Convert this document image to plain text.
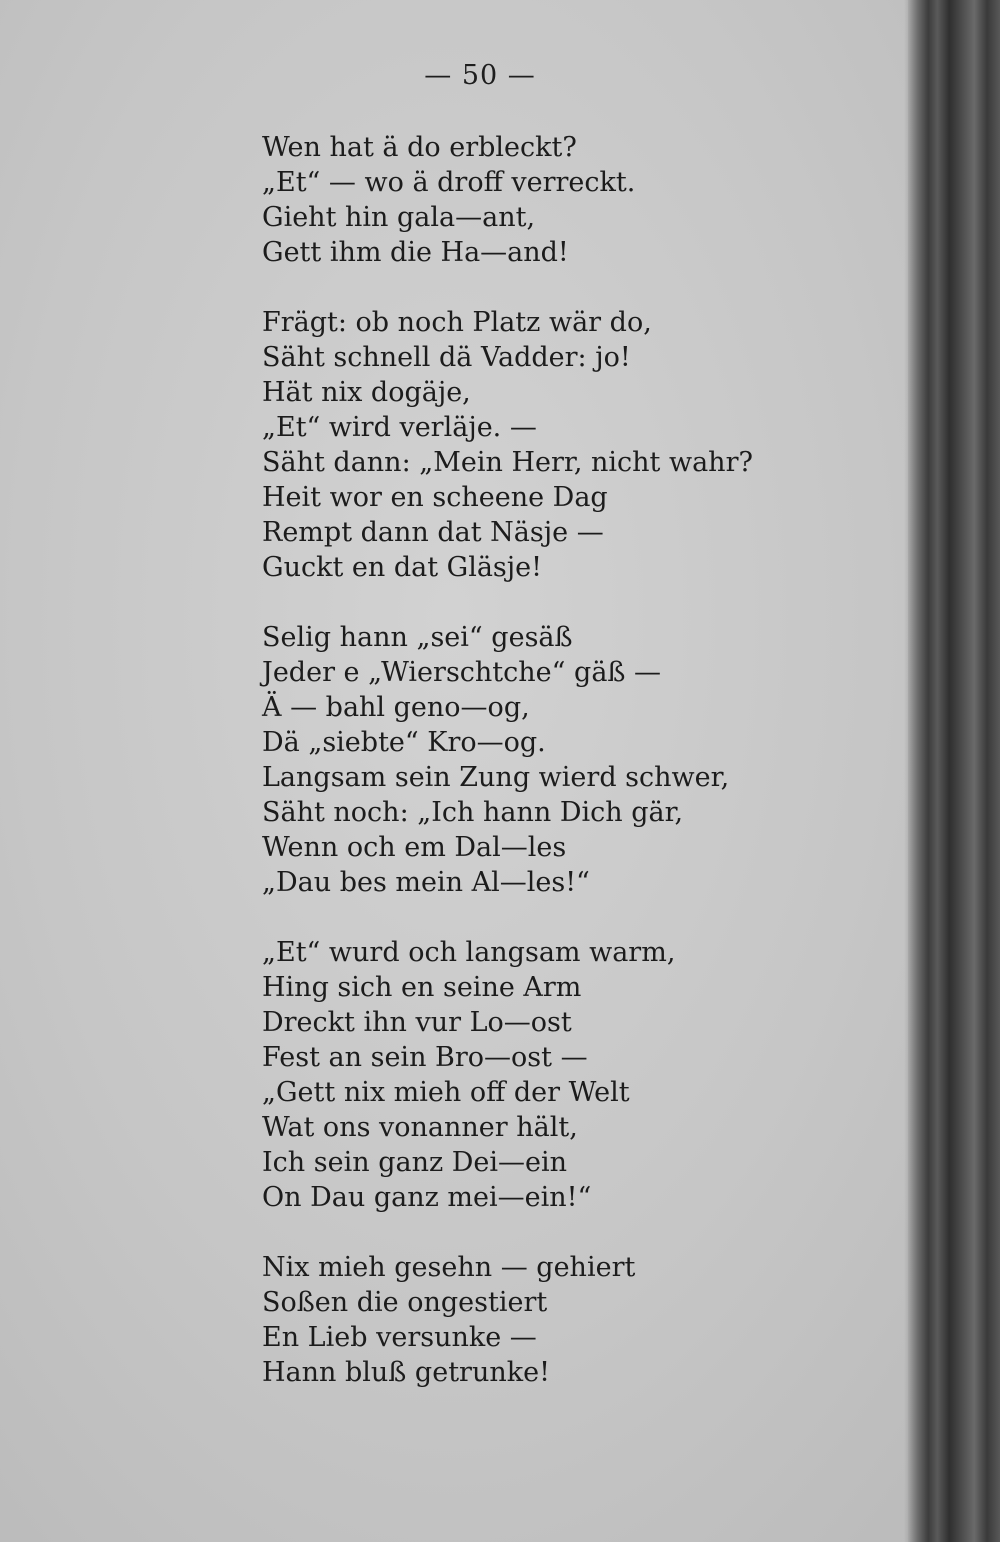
— 50 —
Wen hat ä do erbleckt?
„Et“ — wo ä droff verreckt.
Gieht hin gala—ant,
Gett ihm die Ha—and!
Frägt: ob noch Platz wär do,
Säht schnell dä Vadder: jo!
Hät nix dogäje,
„Et“ wird verläje. —
Säht dann: „Mein Herr, nicht wahr?
Heit wor en scheene Dag
Rempt dann dat Näsje —
Guckt en dat Gläsje!
Selig hann „sei“ gesäß
Jeder e „Wierschtche“ gäß —
Ä — bahl geno—og,
Dä „siebte“ Kro—og.
Langsam sein Zung wierd schwer,
Säht noch: „Ich hann Dich gär,
Wenn och em Dal—les
„Dau bes mein Al—les!“
„Et“ wurd och langsam warm,
Hing sich en seine Arm
Dreckt ihn vur Lo—ost
Fest an sein Bro—ost —
„Gett nix mieh off der Welt
Wat ons vonanner hält,
Ich sein ganz Dei—ein
On Dau ganz mei—ein!“
Nix mieh gesehn — gehiert
Soßen die ongestiert
En Lieb versunke —
Hann bluß getrunke!
